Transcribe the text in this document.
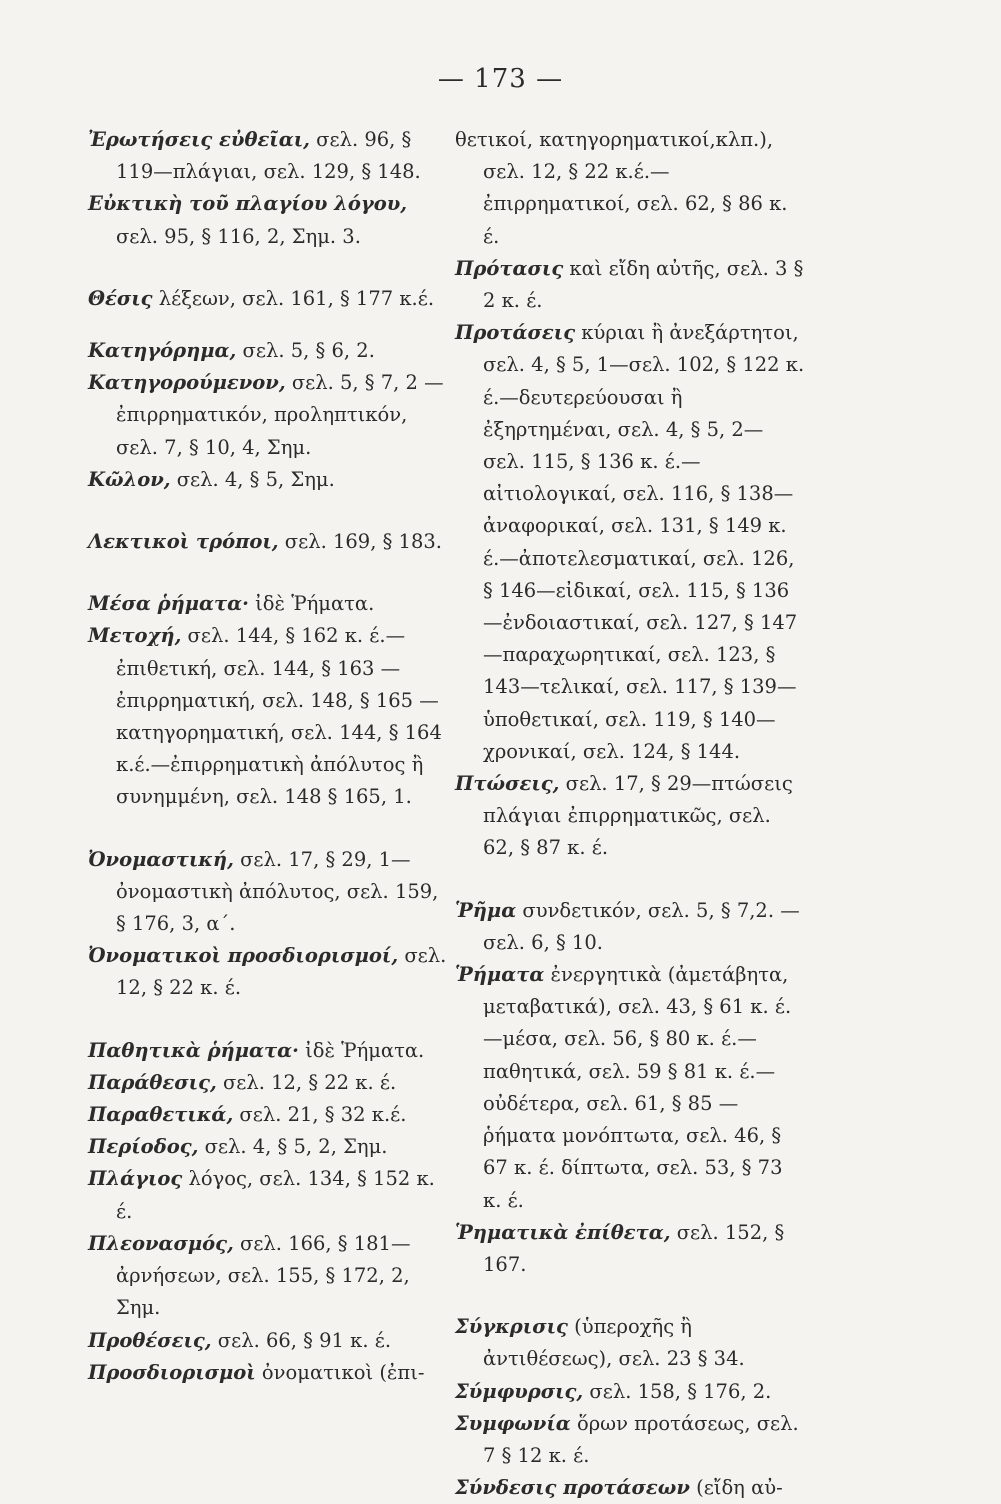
— 173 —

Ἐρωτήσεις εὐθεῖαι, σελ. 96, § 119—πλάγιαι, σελ. 129, § 148.

Εὐκτικὴ τοῦ πλαγίου λόγου, σελ. 95, § 116, 2, Σημ. 3.

Θέσις λέξεων, σελ. 161, § 177 κ.έ.

Κατηγόρημα, σελ. 5, § 6, 2.

Κατηγορούμενον, σελ. 5, § 7, 2 — ἐπιρρηματικόν, προληπτικόν, σελ. 7, § 10, 4, Σημ.

Κῶλον, σελ. 4, § 5, Σημ.

Λεκτικοὶ τρόποι, σελ. 169, § 183.

Μέσα ῥήματα· ἰδὲ Ῥήματα.

Μετοχή, σελ. 144, § 162 κ. έ.— ἐπιθετική, σελ. 144, § 163 — ἐπιρρηματική, σελ. 148, § 165 —κατηγορηματική, σελ. 144, § 164 κ.έ.—ἐπιρρηματικὴ ἀπόλυτος ἢ συνημμένη, σελ. 148 § 165, 1.

Ὀνομαστική, σελ. 17, § 29, 1— ὀνομαστικὴ ἀπόλυτος, σελ. 159, § 176, 3, α΄.

Ὀνοματικοὶ προσδιορισμοί, σελ. 12, § 22 κ. έ.

Παθητικὰ ῥήματα· ἰδὲ Ῥήματα.

Παράθεσις, σελ. 12, § 22 κ. έ.

Παραθετικά, σελ. 21, § 32 κ.έ.

Περίοδος, σελ. 4, § 5, 2, Σημ.

Πλάγιος λόγος, σελ. 134, § 152 κ. έ.

Πλεονασμός, σελ. 166, § 181— ἀρνήσεων, σελ. 155, § 172, 2, Σημ.

Προθέσεις, σελ. 66, § 91 κ. έ.

Προσδιορισμοὶ ὀνοματικοὶ (ἐπι-

θετικοί, κατηγορηματικοί,κλπ.), σελ. 12, § 22 κ.έ.—ἐπιρρηματικοί, σελ. 62, § 86 κ. έ.

Πρότασις καὶ εἴδη αὐτῆς, σελ. 3 § 2 κ. έ.

Προτάσεις κύριαι ἢ ἀνεξάρτητοι, σελ. 4, § 5, 1—σελ. 102, § 122 κ. έ.—δευτερεύουσαι ἢ ἐξηρτημέναι, σελ. 4, § 5, 2— σελ. 115, § 136 κ. έ.—αἰτιολογικαί, σελ. 116, § 138—ἀναφορικαί, σελ. 131, § 149 κ. έ.—ἀποτελεσματικαί, σελ. 126, § 146—εἰδικαί, σελ. 115, § 136—ἐνδοιαστικαί, σελ. 127, § 147—παραχωρητικαί, σελ. 123, § 143—τελικαί, σελ. 117, § 139—ὑποθετικαί, σελ. 119, § 140—χρονικαί, σελ. 124, § 144.

Πτώσεις, σελ. 17, § 29—πτώσεις πλάγιαι ἐπιρρηματικῶς, σελ. 62, § 87 κ. έ.

Ῥῆμα συνδετικόν, σελ. 5, § 7,2. —σελ. 6, § 10.

Ῥήματα ἐνεργητικὰ (ἀμετάβητα, μεταβατικά), σελ. 43, § 61 κ. έ.—μέσα, σελ. 56, § 80 κ. έ.—παθητικά, σελ. 59 § 81 κ. έ.—οὐδέτερα, σελ. 61, § 85 —ῥήματα μονόπτωτα, σελ. 46, § 67 κ. έ. δίπτωτα, σελ. 53, § 73 κ. έ.

Ῥηματικὰ ἐπίθετα, σελ. 152, § 167.

Σύγκρισις (ὑπεροχῆς ἢ ἀντιθέσεως), σελ. 23 § 34.

Σύμφυρσις, σελ. 158, § 176, 2.

Συμφωνία ὅρων προτάσεως, σελ. 7 § 12 κ. έ.

Σύνδεσις προτάσεων (εἴδη αὐ-
